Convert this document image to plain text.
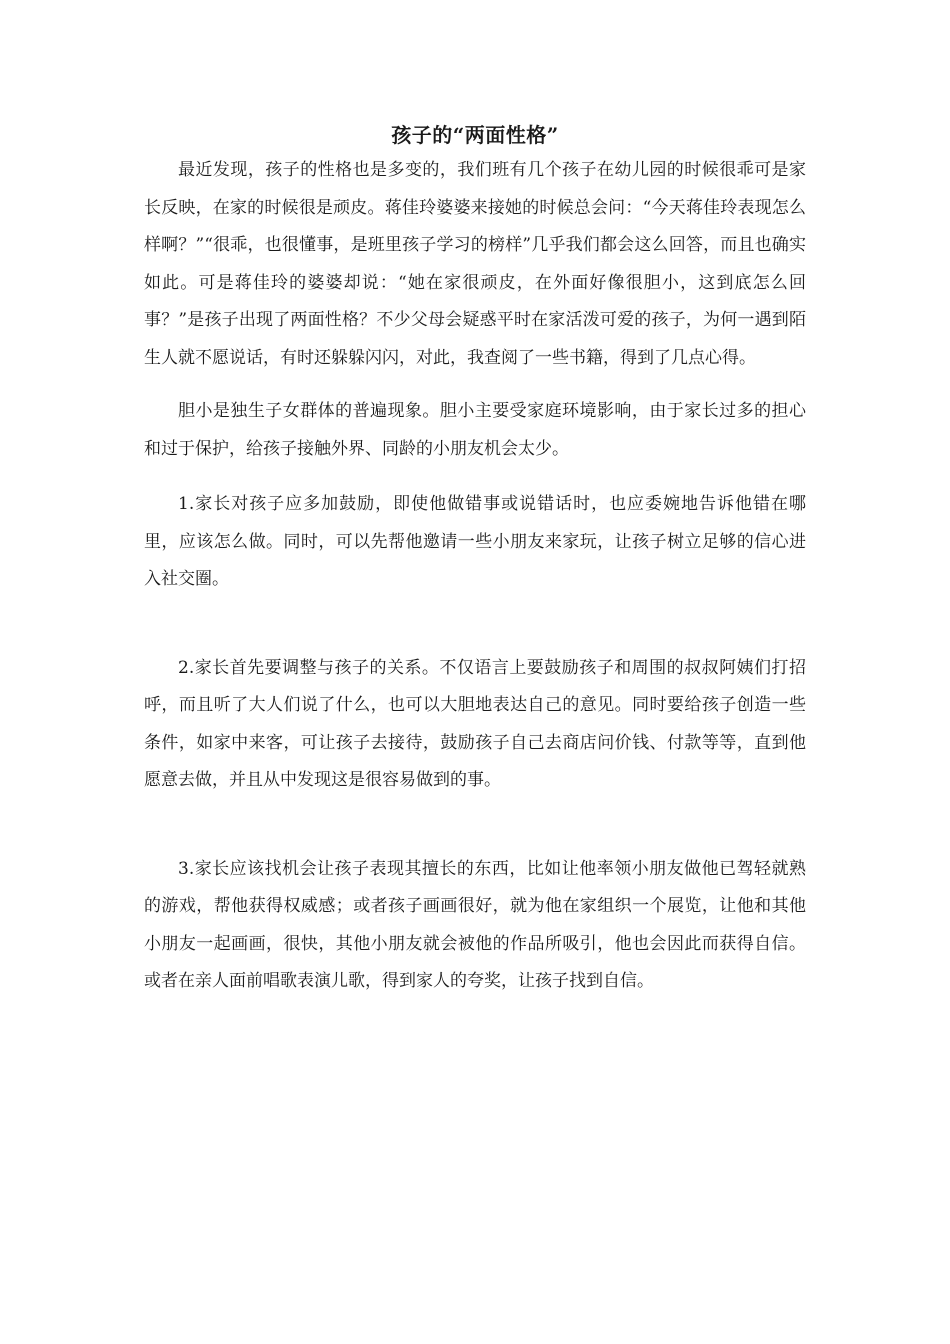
孩子的“两面性格”

最近发现，孩子的性格也是多变的，我们班有几个孩子在幼儿园的时候很乖可是家长反映，在家的时候很是顽皮。蒋佳玲婆婆来接她的时候总会问：“今天蒋佳玲表现怎么样啊？”“很乖，也很懂事，是班里孩子学习的榜样”几乎我们都会这么回答，而且也确实如此。可是蒋佳玲的婆婆却说：“她在家很顽皮，在外面好像很胆小，这到底怎么回事？”是孩子出现了两面性格？不少父母会疑惑平时在家活泼可爱的孩子，为何一遇到陌生人就不愿说话，有时还躲躲闪闪，对此，我查阅了一些书籍，得到了几点心得。

胆小是独生子女群体的普遍现象。胆小主要受家庭环境影响，由于家长过多的担心和过于保护，给孩子接触外界、同龄的小朋友机会太少。

1.家长对孩子应多加鼓励，即使他做错事或说错话时，也应委婉地告诉他错在哪里，应该怎么做。同时，可以先帮他邀请一些小朋友来家玩，让孩子树立足够的信心进入社交圈。

2.家长首先要调整与孩子的关系。不仅语言上要鼓励孩子和周围的叔叔阿姨们打招呼，而且听了大人们说了什么，也可以大胆地表达自己的意见。同时要给孩子创造一些条件，如家中来客，可让孩子去接待，鼓励孩子自己去商店问价钱、付款等等，直到他愿意去做，并且从中发现这是很容易做到的事。

3.家长应该找机会让孩子表现其擅长的东西，比如让他率领小朋友做他已驾轻就熟的游戏，帮他获得权威感；或者孩子画画很好，就为他在家组织一个展览，让他和其他小朋友一起画画，很快，其他小朋友就会被他的作品所吸引，他也会因此而获得自信。或者在亲人面前唱歌表演儿歌，得到家人的夸奖，让孩子找到自信。
